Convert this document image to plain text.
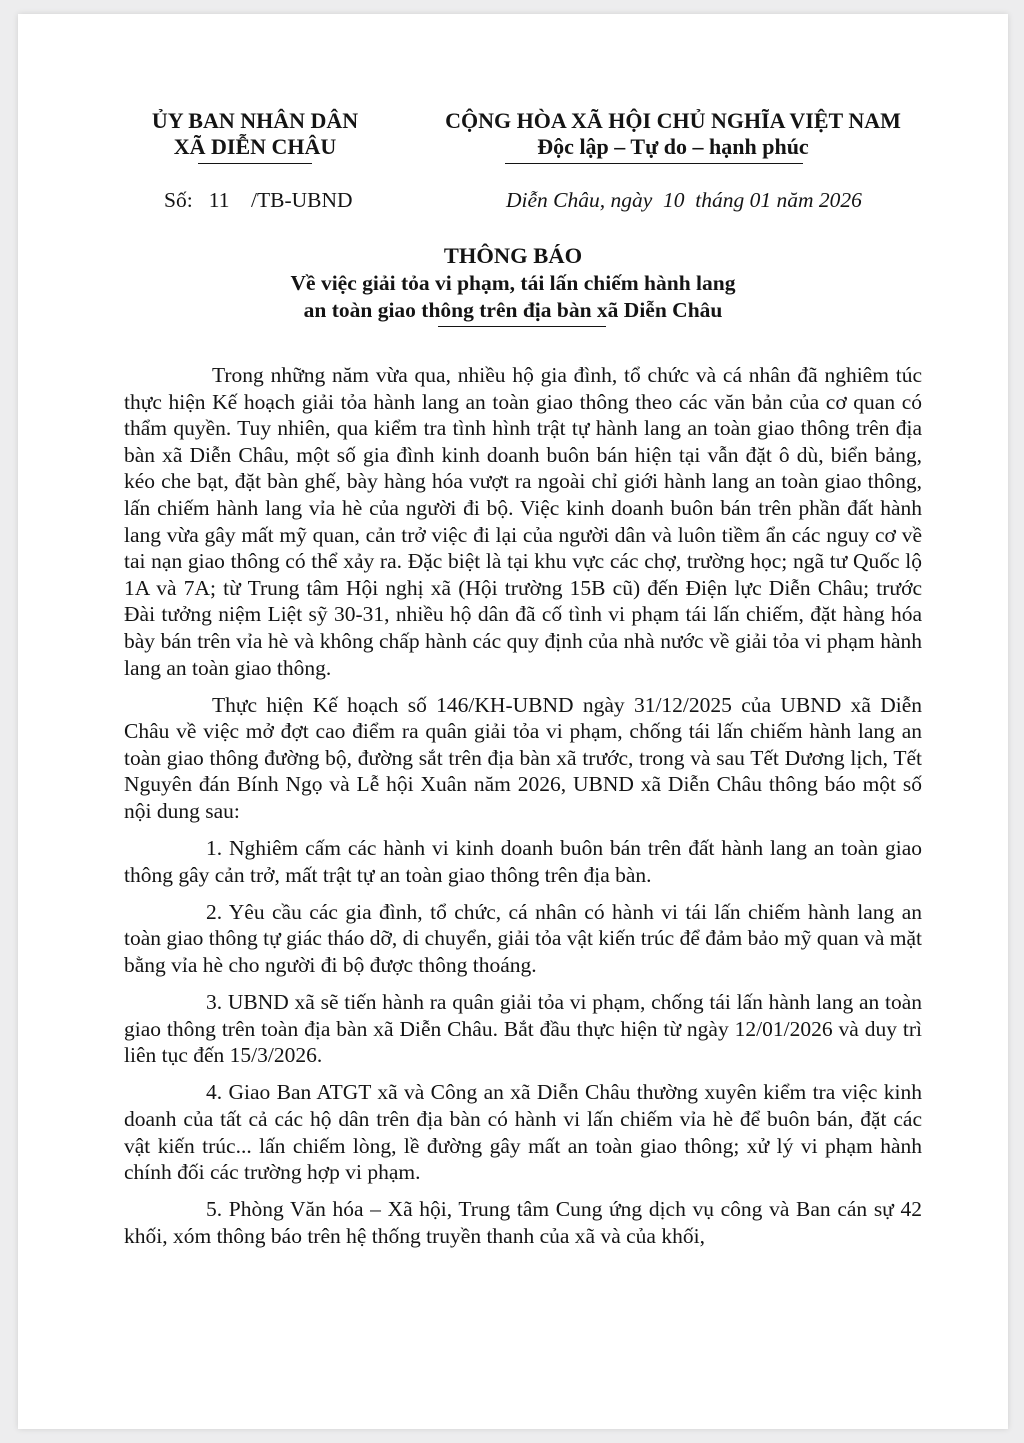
ỦY BAN NHÂN DÂN
XÃ DIỄN CHÂU
CỘNG HÒA XÃ HỘI CHỦ NGHĨA VIỆT NAM
Độc lập – Tự do – hạnh phúc
Số:   11    /TB-UBND	Diễn Châu, ngày  10  tháng 01 năm 2026
THÔNG BÁO
Về việc giải tỏa vi phạm, tái lấn chiếm hành lang
an toàn giao thông trên địa bàn xã Diễn Châu

Trong những năm vừa qua, nhiều hộ gia đình, tổ chức và cá nhân đã nghiêm túc thực hiện Kế hoạch giải tỏa hành lang an toàn giao thông theo các văn bản của cơ quan có thẩm quyền. Tuy nhiên, qua kiểm tra tình hình trật tự hành lang an toàn giao thông trên địa bàn xã Diễn Châu, một số gia đình kinh doanh buôn bán hiện tại vẫn đặt ô dù, biển bảng, kéo che bạt, đặt bàn ghế, bày hàng hóa vượt ra ngoài chỉ giới hành lang an toàn giao thông, lấn chiếm hành lang vỉa hè của người đi bộ. Việc kinh doanh buôn bán trên phần đất hành lang vừa gây mất mỹ quan, cản trở việc đi lại của người dân và luôn tiềm ẩn các nguy cơ về tai nạn giao thông có thể xảy ra. Đặc biệt là tại khu vực các chợ, trường học; ngã tư Quốc lộ 1A và 7A; từ Trung tâm Hội nghị xã (Hội trường 15B cũ) đến Điện lực Diễn Châu; trước Đài tưởng niệm Liệt sỹ 30-31, nhiều hộ dân đã cố tình vi phạm tái lấn chiếm, đặt hàng hóa bày bán trên vỉa hè và không chấp hành các quy định của nhà nước về giải tỏa vi phạm hành lang an toàn giao thông.

Thực hiện Kế hoạch số 146/KH-UBND ngày 31/12/2025 của UBND xã Diễn Châu về việc mở đợt cao điểm ra quân giải tỏa vi phạm, chống tái lấn chiếm hành lang an toàn giao thông đường bộ, đường sắt trên địa bàn xã trước, trong và sau Tết Dương lịch, Tết Nguyên đán Bính Ngọ và Lễ hội Xuân năm 2026, UBND xã Diễn Châu thông báo một số nội dung sau:

1. Nghiêm cấm các hành vi kinh doanh buôn bán trên đất hành lang an toàn giao thông gây cản trở, mất trật tự an toàn giao thông trên địa bàn.

2. Yêu cầu các gia đình, tổ chức, cá nhân có hành vi tái lấn chiếm hành lang an toàn giao thông tự giác tháo dỡ, di chuyển, giải tỏa vật kiến trúc để đảm bảo mỹ quan và mặt bằng vỉa hè cho người đi bộ được thông thoáng.

3. UBND xã sẽ tiến hành ra quân giải tỏa vi phạm, chống tái lấn hành lang an toàn giao thông trên toàn địa bàn xã Diễn Châu. Bắt đầu thực hiện từ ngày 12/01/2026 và duy trì liên tục đến 15/3/2026.

4. Giao Ban ATGT xã và Công an xã Diễn Châu thường xuyên kiểm tra việc kinh doanh của tất cả các hộ dân trên địa bàn có hành vi lấn chiếm vỉa hè để buôn bán, đặt các vật kiến trúc... lấn chiếm lòng, lề đường gây mất an toàn giao thông; xử lý vi phạm hành chính đối các trường hợp vi phạm.

5. Phòng Văn hóa – Xã hội, Trung tâm Cung ứng dịch vụ công và Ban cán sự 42 khối, xóm thông báo trên hệ thống truyền thanh của xã và của khối,
